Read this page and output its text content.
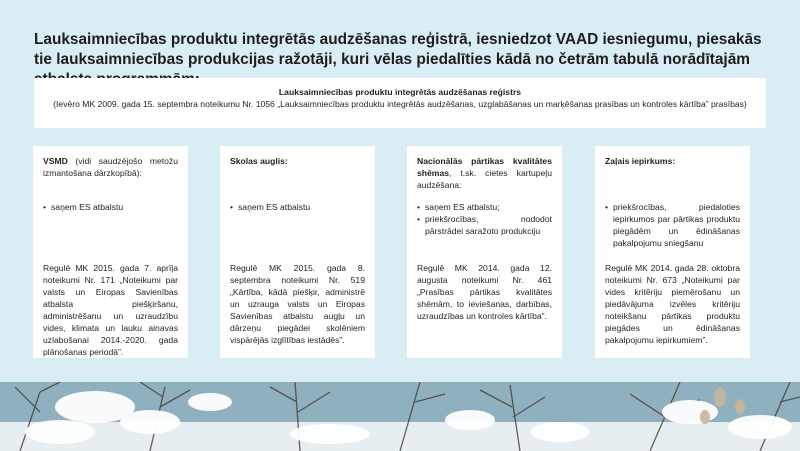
Lauksaimniecības produktu integrētās audzēšanas reģistrā, iesniedzot VAAD iesniegumu, piesakās tie lauksaimniecības produkcijas ražotāji, kuri vēlas piedalīties kādā no četrām tabulā norādītajām
Lauksaimniecības produktu integrētās audzēšanas reģistrs
(Ievēro MK 2009. gada 15. septembra noteikumu Nr. 1056 „Lauksaimniecības produktu integrētās audzēšanas, uzglabāšanas un marķēšanas prasības un kontroles kārtība” prasības)
VSMD (vidi saudzējošo metožu izmantošana dārzkopībā):
• saņem ES atbalstu
Regulē MK 2015. gada 7. aprīļa noteikumi Nr. 171 „Noteikumi par valsts un Eiropas Savienības atbalsta piešķiršanu, administrēšanu un uzraudzību vides, klimata un lauku ainavas uzlabošanai 2014.-2020. gada plānošanas periodā”.
Skolas auglis:
• saņem ES atbalstu
Regulē MK 2015. gada 8. septembra noteikumi Nr. 519 „Kārtība, kādā piešķir, administrē un uzrauga valsts un Eiropas Savienības atbalstu augļu un dārzeņu piegādei skolēniem vispārējās izglītības iestādēs”.
Nacionālās pārtikas kvalitātes shēmas, t.sk. cietes kartupeļu audzēšana:
• saņem ES atbalstu;
• priekšrocības, nododot pārstrādei saražoto produkciju
Regulē MK 2014. gada 12. augusta noteikumi Nr. 461 „Prasības pārtikas kvalitātes shēmām, to ieviešanas, darbības, uzraudzības un kontroles kārtība”.
Zaļais iepirkums:
• priekšrocības, piedaloties iepirkumos par pārtikas produktu piegādēm un ēdināšanas pakalpojumu sniegšanu
Regulē MK 2014. gada 28. oktobra noteikumi Nr. 673 „Noteikumi par vides kritēriju piemērošanu un piedāvājuma izvēles kritēriju noteikšanu pārtikas produktu piegādes un ēdināšanas pakalpojumu iepirkumiem”.
